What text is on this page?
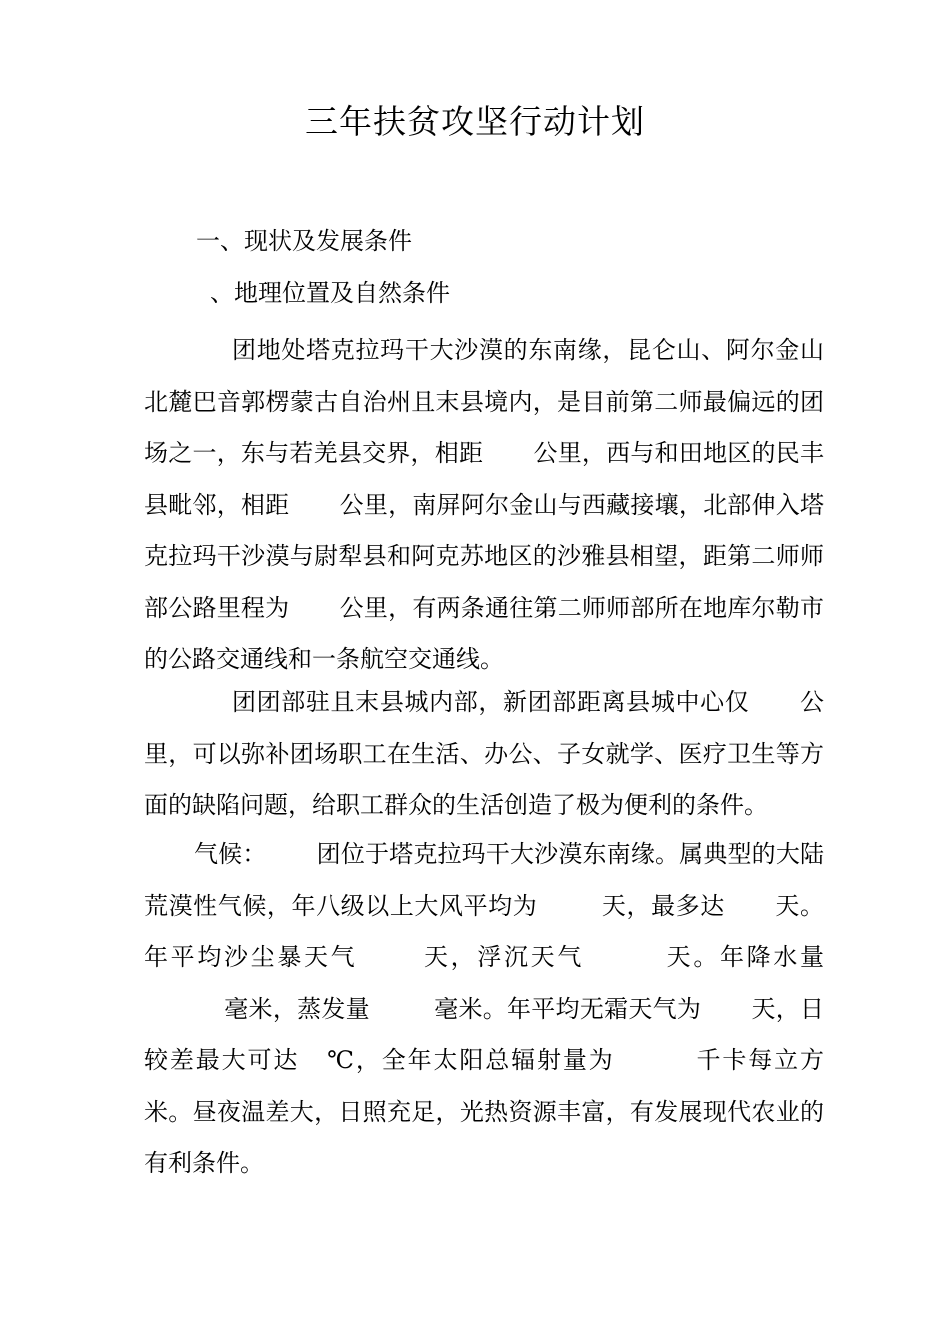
三年扶贫攻坚行动计划
一、现状及发展条件
、地理位置及自然条件

团地处塔克拉玛干大沙漠的东南缘，昆仑山、阿尔金山北麓巴音郭楞蒙古自治州且末县境内，是目前第二师最偏远的团场之一，东与若羌县交界，相距 公里，西与和田地区的民丰县毗邻，相距 公里，南屏阿尔金山与西藏接壤，北部伸入塔克拉玛干沙漠与尉犁县和阿克苏地区的沙雅县相望，距第二师师部公路里程为 公里，有两条通往第二师师部所在地库尔勒市的公路交通线和一条航空交通线。

团团部驻且末县城内部，新团部距离县城中心仅 公里，可以弥补团场职工在生活、办公、子女就学、医疗卫生等方面的缺陷问题，给职工群众的生活创造了极为便利的条件。

气候： 团位于塔克拉玛干大沙漠东南缘。属典型的大陆荒漠性气候，年八级以上大风平均为	天，最多达 天。年平均沙尘暴天气	天，浮沉天气	天。年降水量毫米，蒸发量	毫米。年平均无霜天气为 天，日较差最大可达 ℃，全年太阳总辐射量为	千卡每立方米。昼夜温差大，日照充足，光热资源丰富，有发展现代农业的有利条件。
